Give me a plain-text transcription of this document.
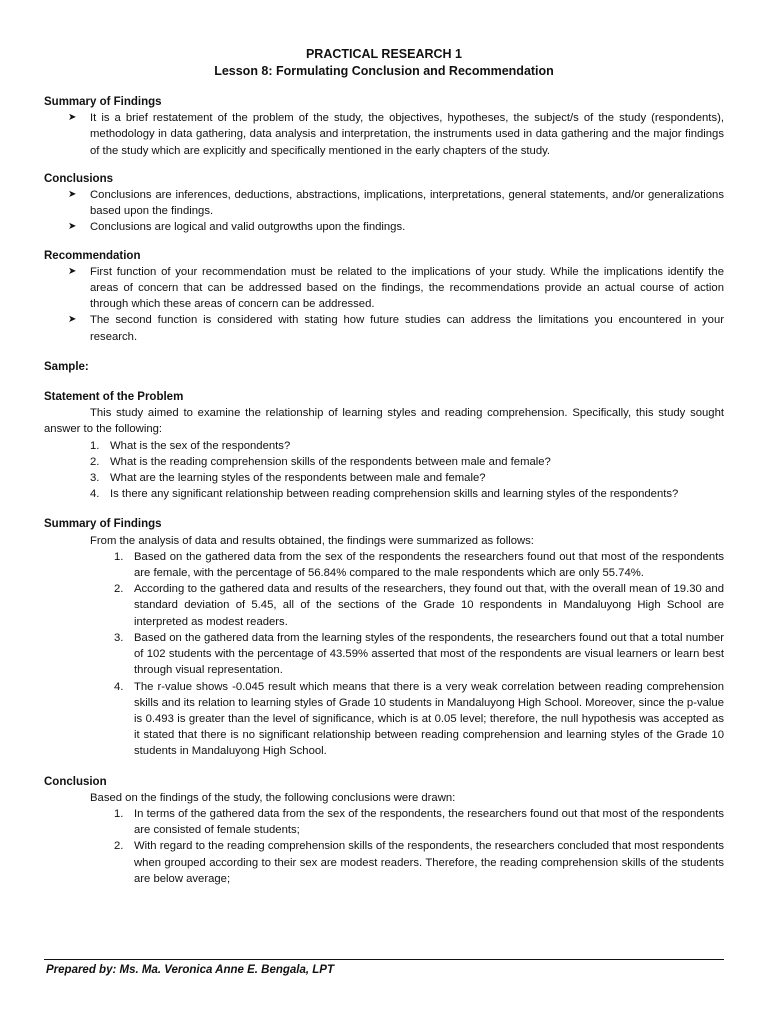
PRACTICAL RESEARCH 1
Lesson 8: Formulating Conclusion and Recommendation
Summary of Findings
➤ It is a brief restatement of the problem of the study, the objectives, hypotheses, the subject/s of the study (respondents), methodology in data gathering, data analysis and interpretation, the instruments used in data gathering and the major findings of the study which are explicitly and specifically mentioned in the early chapters of the study.
Conclusions
➤ Conclusions are inferences, deductions, abstractions, implications, interpretations, general statements, and/or generalizations based upon the findings.
➤ Conclusions are logical and valid outgrowths upon the findings.
Recommendation
➤ First function of your recommendation must be related to the implications of your study. While the implications identify the areas of concern that can be addressed based on the findings, the recommendations provide an actual course of action through which these areas of concern can be addressed.
➤ The second function is considered with stating how future studies can address the limitations you encountered in your research.
Sample:
Statement of the Problem

This study aimed to examine the relationship of learning styles and reading comprehension. Specifically, this study sought answer to the following:

1. What is the sex of the respondents?
2. What is the reading comprehension skills of the respondents between male and female?
3. What are the learning styles of the respondents between male and female?
4. Is there any significant relationship between reading comprehension skills and learning styles of the respondents?
Summary of Findings

From the analysis of data and results obtained, the findings were summarized as follows:

1. Based on the gathered data from the sex of the respondents the researchers found out that most of the respondents are female, with the percentage of 56.84% compared to the male respondents which are only 55.74%.
2. According to the gathered data and results of the researchers, they found out that, with the overall mean of 19.30 and standard deviation of 5.45, all of the sections of the Grade 10 respondents in Mandaluyong High School are interpreted as modest readers.
3. Based on the gathered data from the learning styles of the respondents, the researchers found out that a total number of 102 students with the percentage of 43.59% asserted that most of the respondents are visual learners or learn best through visual representation.
4. The r-value shows -0.045 result which means that there is a very weak correlation between reading comprehension skills and its relation to learning styles of Grade 10 students in Mandaluyong High School. Moreover, since the p-value is 0.493 is greater than the level of significance, which is at 0.05 level; therefore, the null hypothesis was accepted as it stated that there is no significant relationship between reading comprehension and learning styles of the Grade 10 students in Mandaluyong High School.
Conclusion

Based on the findings of the study, the following conclusions were drawn:

1. In terms of the gathered data from the sex of the respondents, the researchers found out that most of the respondents are consisted of female students;
2. With regard to the reading comprehension skills of the respondents, the researchers concluded that most respondents when grouped according to their sex are modest readers. Therefore, the reading comprehension skills of the students are below average;
Prepared by: Ms. Ma. Veronica Anne E. Bengala, LPT
